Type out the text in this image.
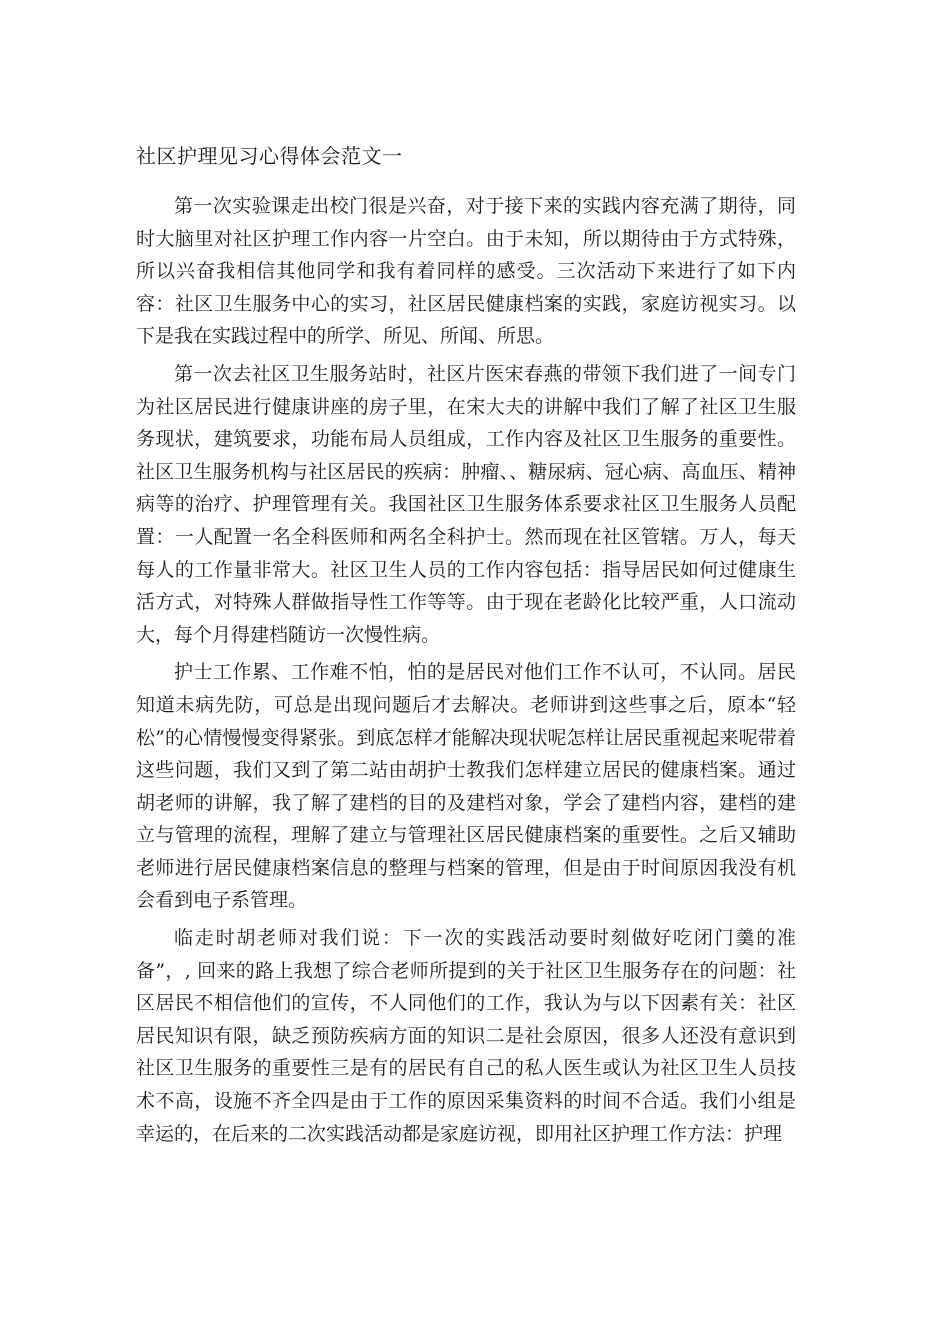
社区护理见习心得体会范文一

第一次实验课走出校门很是兴奋，对于接下来的实践内容充满了期待，同时大脑里对社区护理工作内容一片空白。由于未知，所以期待由于方式特殊，所以兴奋我相信其他同学和我有着同样的感受。三次活动下来进行了如下内容：社区卫生服务中心的实习，社区居民健康档案的实践，家庭访视实习。以下是我在实践过程中的所学、所见、所闻、所思。

第一次去社区卫生服务站时，社区片医宋春燕的带领下我们进了一间专门为社区居民进行健康讲座的房子里，在宋大夫的讲解中我们了解了社区卫生服务现状，建筑要求，功能布局人员组成，工作内容及社区卫生服务的重要性。社区卫生服务机构与社区居民的疾病：肿瘤、、糖尿病、冠心病、高血压、精神病等的治疗、护理管理有关。我国社区卫生服务体系要求社区卫生服务人员配置：一人配置一名全科医师和两名全科护士。然而现在社区管辖。万人，每天每人的工作量非常大。社区卫生人员的工作内容包括：指导居民如何过健康生活方式，对特殊人群做指导性工作等等。由于现在老龄化比较严重，人口流动大，每个月得建档随访一次慢性病。

护士工作累、工作难不怕，怕的是居民对他们工作不认可，不认同。居民知道未病先防，可总是出现问题后才去解决。老师讲到这些事之后，原本“轻松”的心情慢慢变得紧张。到底怎样才能解决现状呢怎样让居民重视起来呢带着这些问题，我们又到了第二站由胡护士教我们怎样建立居民的健康档案。通过胡老师的讲解，我了解了建档的目的及建档对象，学会了建档内容，建档的建立与管理的流程，理解了建立与管理社区居民健康档案的重要性。之后又辅助老师进行居民健康档案信息的整理与档案的管理，但是由于时间原因我没有机会看到电子系管理。

临走时胡老师对我们说：下一次的实践活动要时刻做好吃闭门羹的准备”，, 回来的路上我想了综合老师所提到的关于社区卫生服务存在的问题：社区居民不相信他们的宣传，不人同他们的工作，我认为与以下因素有关：社区居民知识有限，缺乏预防疾病方面的知识二是社会原因，很多人还没有意识到社区卫生服务的重要性三是有的居民有自己的私人医生或认为社区卫生人员技术不高，设施不齐全四是由于工作的原因采集资料的时间不合适。我们小组是幸运的，在后来的二次实践活动都是家庭访视，即用社区护理工作方法：护理
